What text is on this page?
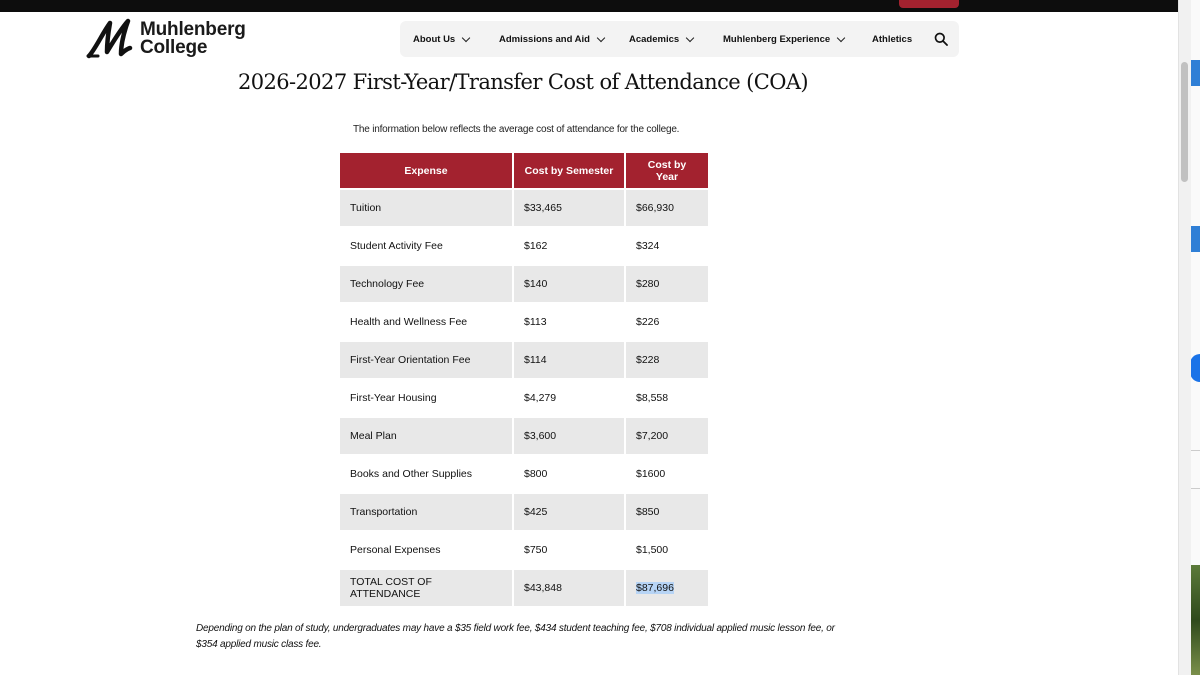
Muhlenberg
College	About Us	Admissions and Aid	Academics	Muhlenberg Experience	Athletics
2026-2027 First-Year/Transfer Cost of Attendance (COA)
The information below reflects the average cost of attendance for the college.
Expense	Cost by Semester	Cost by Year
Tuition	$33,465	$66,930
Student Activity Fee	$162	$324
Technology Fee	$140	$280
Health and Wellness Fee	$113	$226
First-Year Orientation Fee	$114	$228
First-Year Housing	$4,279	$8,558
Meal Plan	$3,600	$7,200
Books and Other Supplies	$800	$1600
Transportation	$425	$850
Personal Expenses	$750	$1,500
TOTAL COST OF ATTENDANCE	$43,848	$87,696
Depending on the plan of study, undergraduates may have a $35 field work fee, $434 student teaching fee, $708 individual applied music lesson fee, or $354 applied music class fee.
